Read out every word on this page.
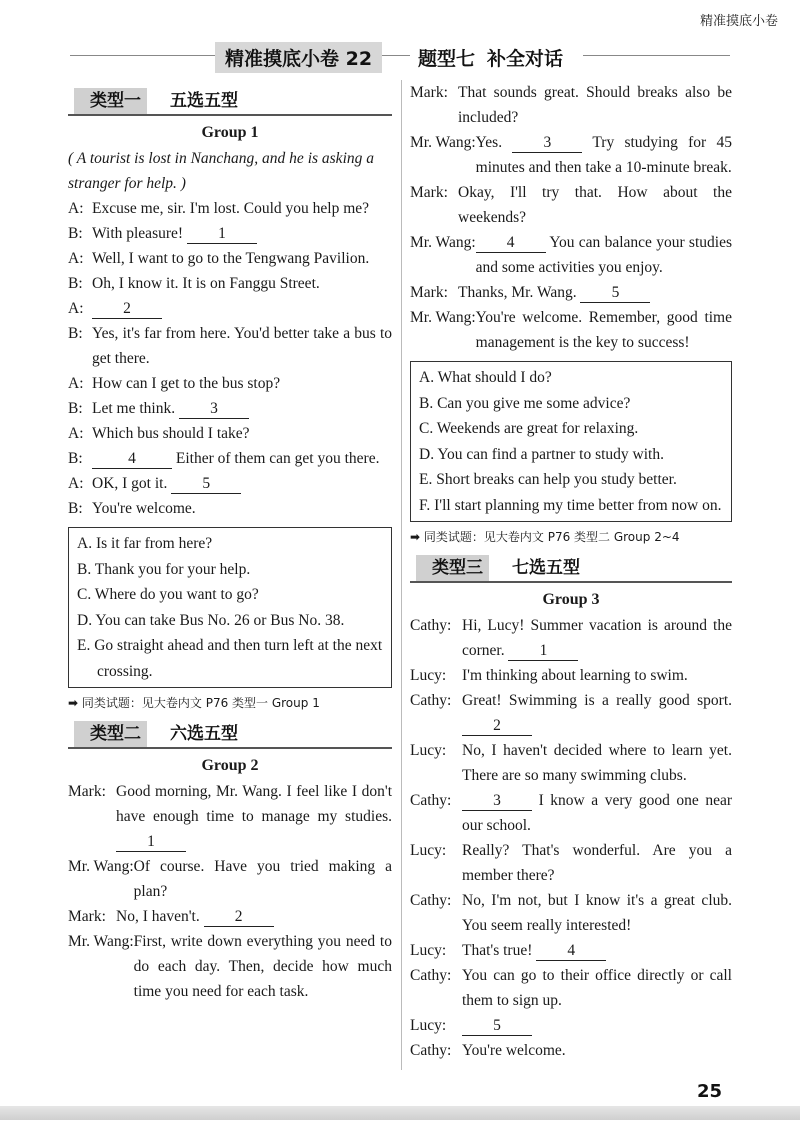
精准摸底小卷
精准摸底小卷 22	题型七 补全对话
类型一	五选五型
Group 1
( A tourist is lost in Nanchang, and he is asking a stranger for help. )
A: Excuse me, sir. I'm lost. Could you help me?
B: With pleasure! 1
A: Well, I want to go to the Tengwang Pavilion.
B: Oh, I know it. It is on Fanggu Street.
A:	2
B: Yes, it's far from here. You'd better take a bus to get there.
A: How can I get to the bus stop?
B: Let me think. 3
A: Which bus should I take?
B:	4	Either of them can get you there.
A: OK, I got it. 5
B: You're welcome.
A. Is it far from here?
B. Thank you for your help.
C. Where do you want to go?
D. You can take Bus No. 26 or Bus No. 38.
E. Go straight ahead and then turn left at the next crossing.
➡ 同类试题：见大卷内文 P76 类型一 Group 1
类型二	六选五型
Group 2
Mark: Good morning, Mr. Wang. I feel like I don't have enough time to manage my studies. 1
Mr. Wang: Of course. Have you tried making a plan?
Mark: No, I haven't. 2
Mr. Wang: First, write down everything you need to do each day. Then, decide how much time you need for each task.
Mark: That sounds great. Should breaks also be included?
Mr. Wang: Yes.	3	Try studying for 45 minutes and then take a 10-minute break.
Mark: Okay, I'll try that. How about the weekends?
Mr. Wang:	4 You can balance your studies and some activities you enjoy.
Mark: Thanks, Mr. Wang. 5
Mr. Wang: You're welcome. Remember, good time management is the key to success!
A. What should I do?
B. Can you give me some advice?
C. Weekends are great for relaxing.
D. You can find a partner to study with.
E. Short breaks can help you study better.
F. I'll start planning my time better from now on.
➡ 同类试题：见大卷内文 P76 类型二 Group 2~4
类型三	七选五型
Group 3
Cathy: Hi, Lucy! Summer vacation is around the corner. 1
Lucy:	I'm thinking about learning to swim.
Cathy: Great! Swimming is a really good sport. 2
Lucy:	No, I haven't decided where to learn yet. There are so many swimming clubs.
Cathy:	3 I know a very good one near our school.
Lucy:	Really? That's wonderful. Are you a member there?
Cathy: No, I'm not, but I know it's a great club. You seem really interested!
Lucy:	That's true! 4
Cathy: You can go to their office directly or call them to sign up.
Lucy:	5
Cathy: You're welcome.
25
